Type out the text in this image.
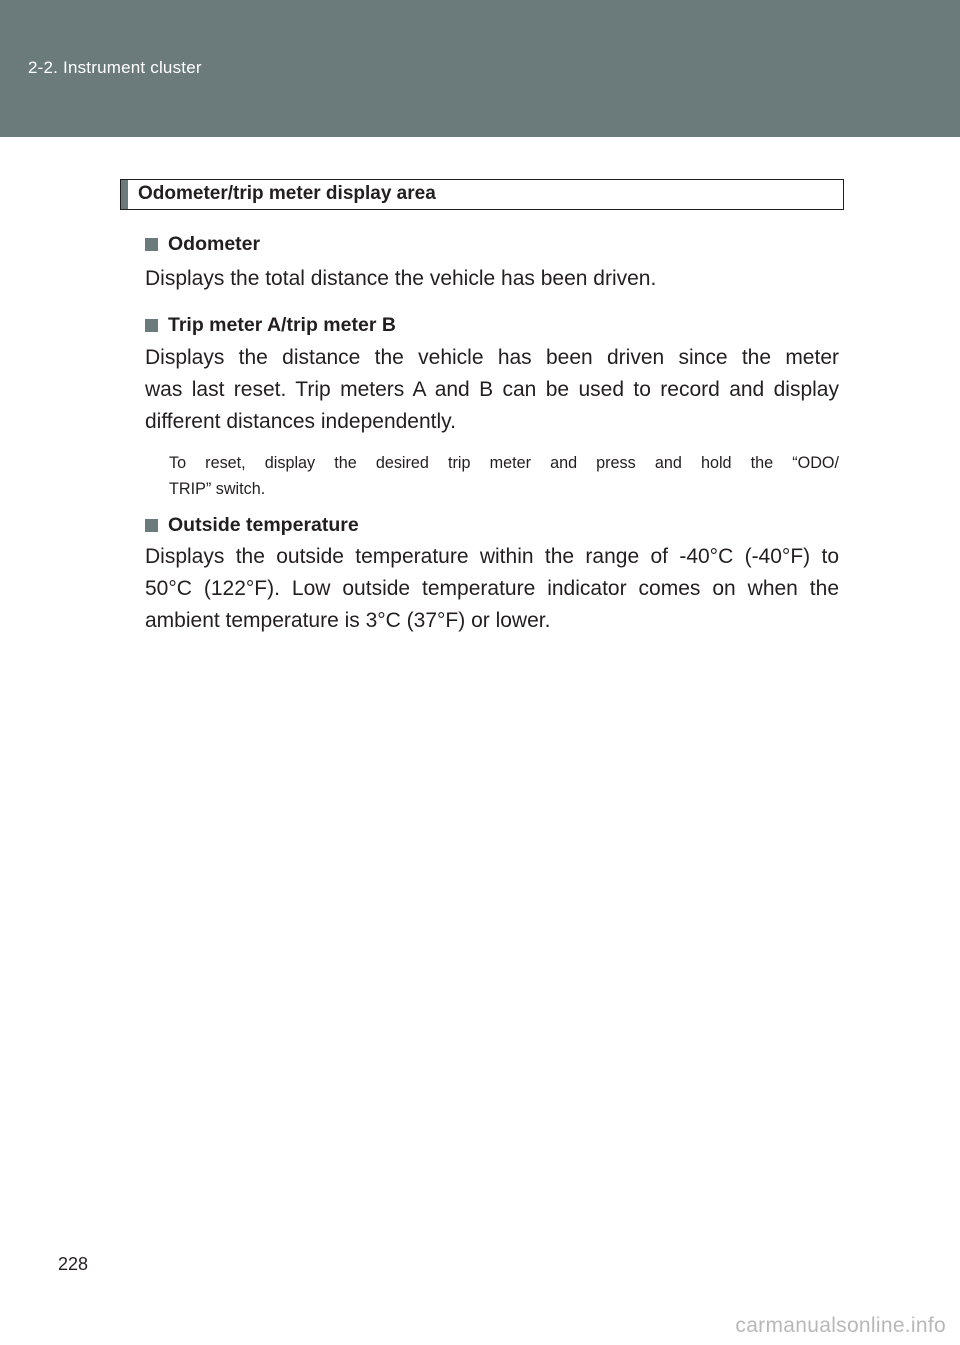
2-2. Instrument cluster
Odometer/trip meter display area
Odometer
Displays the total distance the vehicle has been driven.
Trip meter A/trip meter B
Displays the distance the vehicle has been driven since the meter
was last reset. Trip meters A and B can be used to record and display
different distances independently.
To reset, display the desired trip meter and press and hold the “ODO/
TRIP” switch.
Outside temperature
Displays the outside temperature within the range of -40°C (-40°F) to
50°C (122°F). Low outside temperature indicator comes on when the
ambient temperature is 3°C (37°F) or lower.
228
carmanualsonline.info
